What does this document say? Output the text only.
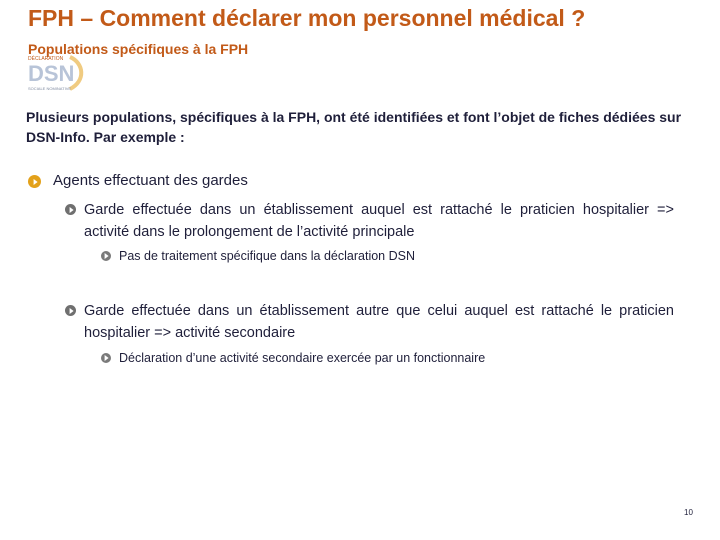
FPH – Comment déclarer mon personnel médical ?
DÉCLARATION
DSN
SOCIALE NOMINATIVE
Populations spécifiques à la FPH
Plusieurs populations, spécifiques à la FPH, ont été identifiées et font l’objet de fiches dédiées sur DSN-Info. Par exemple :
Agents effectuant des gardes
Garde effectuée dans un établissement auquel est rattaché le praticien hospitalier => activité dans le prolongement de l’activité principale
Pas de traitement spécifique dans la déclaration DSN
Garde effectuée dans un établissement autre que celui auquel est rattaché le praticien hospitalier => activité secondaire
Déclaration d’une activité secondaire exercée par un fonctionnaire
10
